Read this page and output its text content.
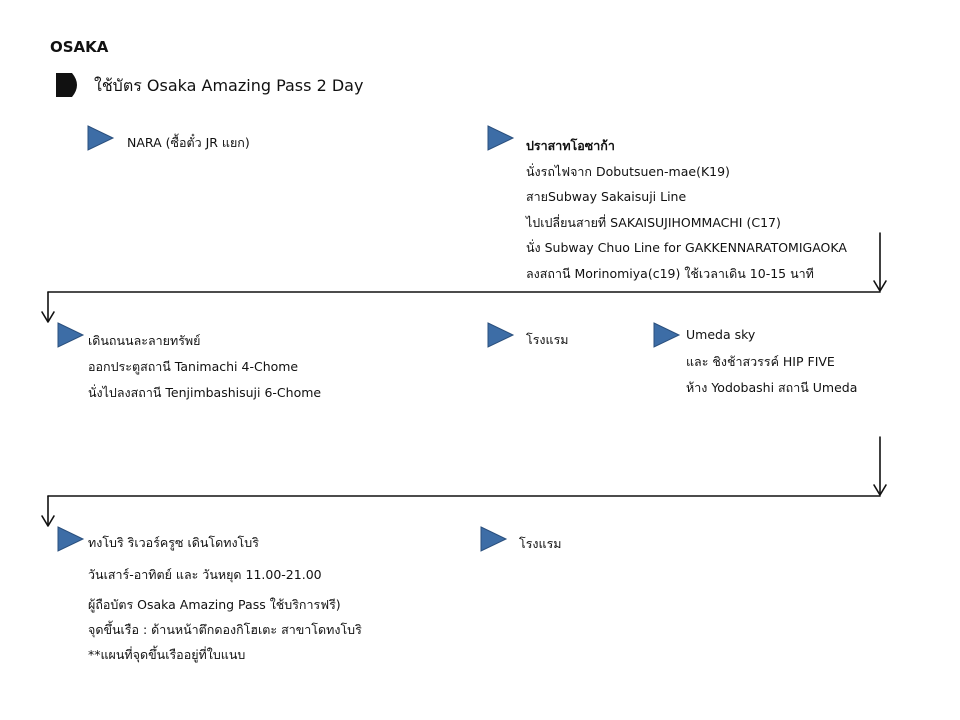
OSAKA
ใช้บัตร Osaka Amazing Pass 2 Day
NARA (ซื้อตั๋ว JR แยก)	ปราสาทโอซาก้า
นั่งรถไฟจาก Dobutsuen-mae(K19)
สายSubway Sakaisuji Line
ไปเปลี่ยนสายที่ SAKAISUJIHOMMACHI (C17)
นั่ง Subway Chuo Line for GAKKENNARATOMIGAOKA
ลงสถานี Morinomiya(c19) ใช้เวลาเดิน 10-15 นาที
เดินถนนละลายทรัพย์
ออกประตูสถานี Tanimachi 4-Chome
นั่งไปลงสถานี Tenjimbashisuji 6-Chome
โรงแรม	Umeda sky
และ ชิงช้าสวรรค์ HIP FIVE
ห้าง Yodobashi สถานี Umeda
ทงโบริ ริเวอร์ครูซ เดินโดทงโบริ
วันเสาร์-อาทิตย์ และ วันหยุด 11.00-21.00
ผู้ถือบัตร Osaka Amazing Pass ใช้บริการฟรี)
จุดขึ้นเรือ : ด้านหน้าตึกดองกิโฮเตะ สาขาโดทงโบริ
**แผนที่จุดขึ้นเรืออยู่ที่ใบแนบ
โรงแรม
